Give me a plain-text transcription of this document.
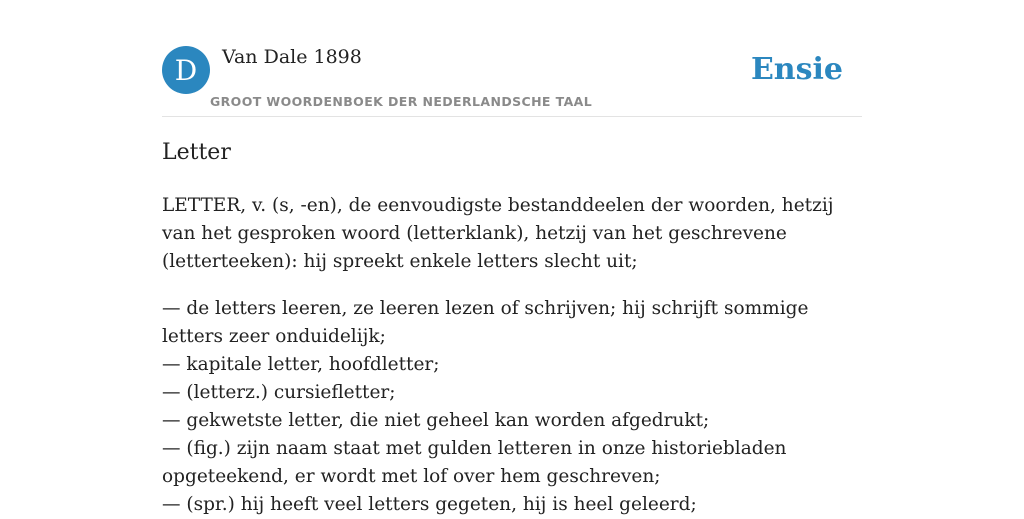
D	Van Dale 1898
GROOT WOORDENBOEK DER NEDERLANDSCHE TAAL
Ensie
Letter

LETTER, v. (s, -en), de eenvoudigste bestanddeelen der woorden, hetzij van het gesproken woord (letterklank), hetzij van het geschrevene (letterteeken): hij spreekt enkele letters slecht uit;

— de letters leeren, ze leeren lezen of schrijven; hij schrijft sommige letters zeer onduidelijk;

— kapitale letter, hoofdletter;

— (letterz.) cursiefletter;

— gekwetste letter, die niet geheel kan worden afgedrukt;

— (fig.) zijn naam staat met gulden letteren in onze historiebladen opgeteekend, er wordt met lof over hem geschreven;

— (spr.) hij heeft veel letters gegeten, hij is heel geleerd;
